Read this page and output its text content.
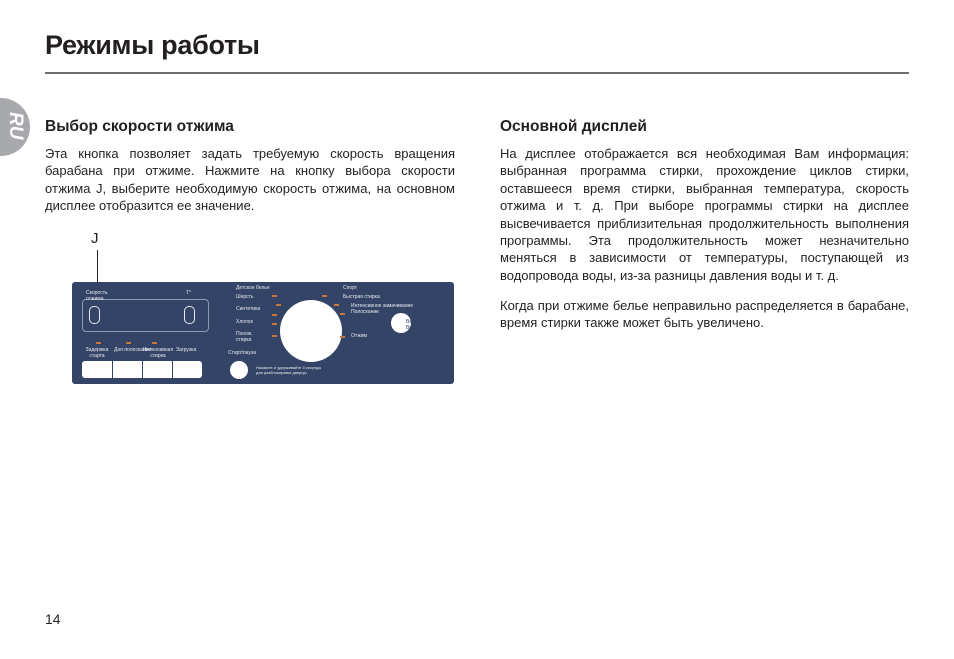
Режимы работы
RU Выбор скорости отжима

Эта кнопка позволяет задать требуемую скорость вращения барабана при отжиме. Нажмите на кнопку выбора скорости отжима J, выберите необходимую скорость отжима, на основном дисплее отобразится ее значение.

Основной дисплей

На дисплее отображается вся необходимая Вам информация: выбранная программа стирки, прохождение циклов стирки, оставшееся время стирки, выбранная температура, скорость отжима и т. д. При выборе программы стирки на дисплее высвечивается приблизительная продолжительность выполнения программы. Эта продолжительность может незначительно меняться в зависимости от температуры, поступающей из водопровода воды, из-за разницы давления воды и т. д.

Когда при отжиме белье неправильно распределяется в барабане, время стирки также может быть увеличено.

J
Скорость отжима
T°
Задержка старта
Доп.полоскание
Интенсивная стирка
Загрузка	Старт/пауза
Нажмите и удерживайте 3 секунды для разблокировки дверцы
Детское белье
Шерсть
Синтетика
Хлопок
Понож. стирка
Спорт
Быстрая стирка
Интенсивное замачивание
Полоскание
Отжим
Вкл./Выкл.
14
